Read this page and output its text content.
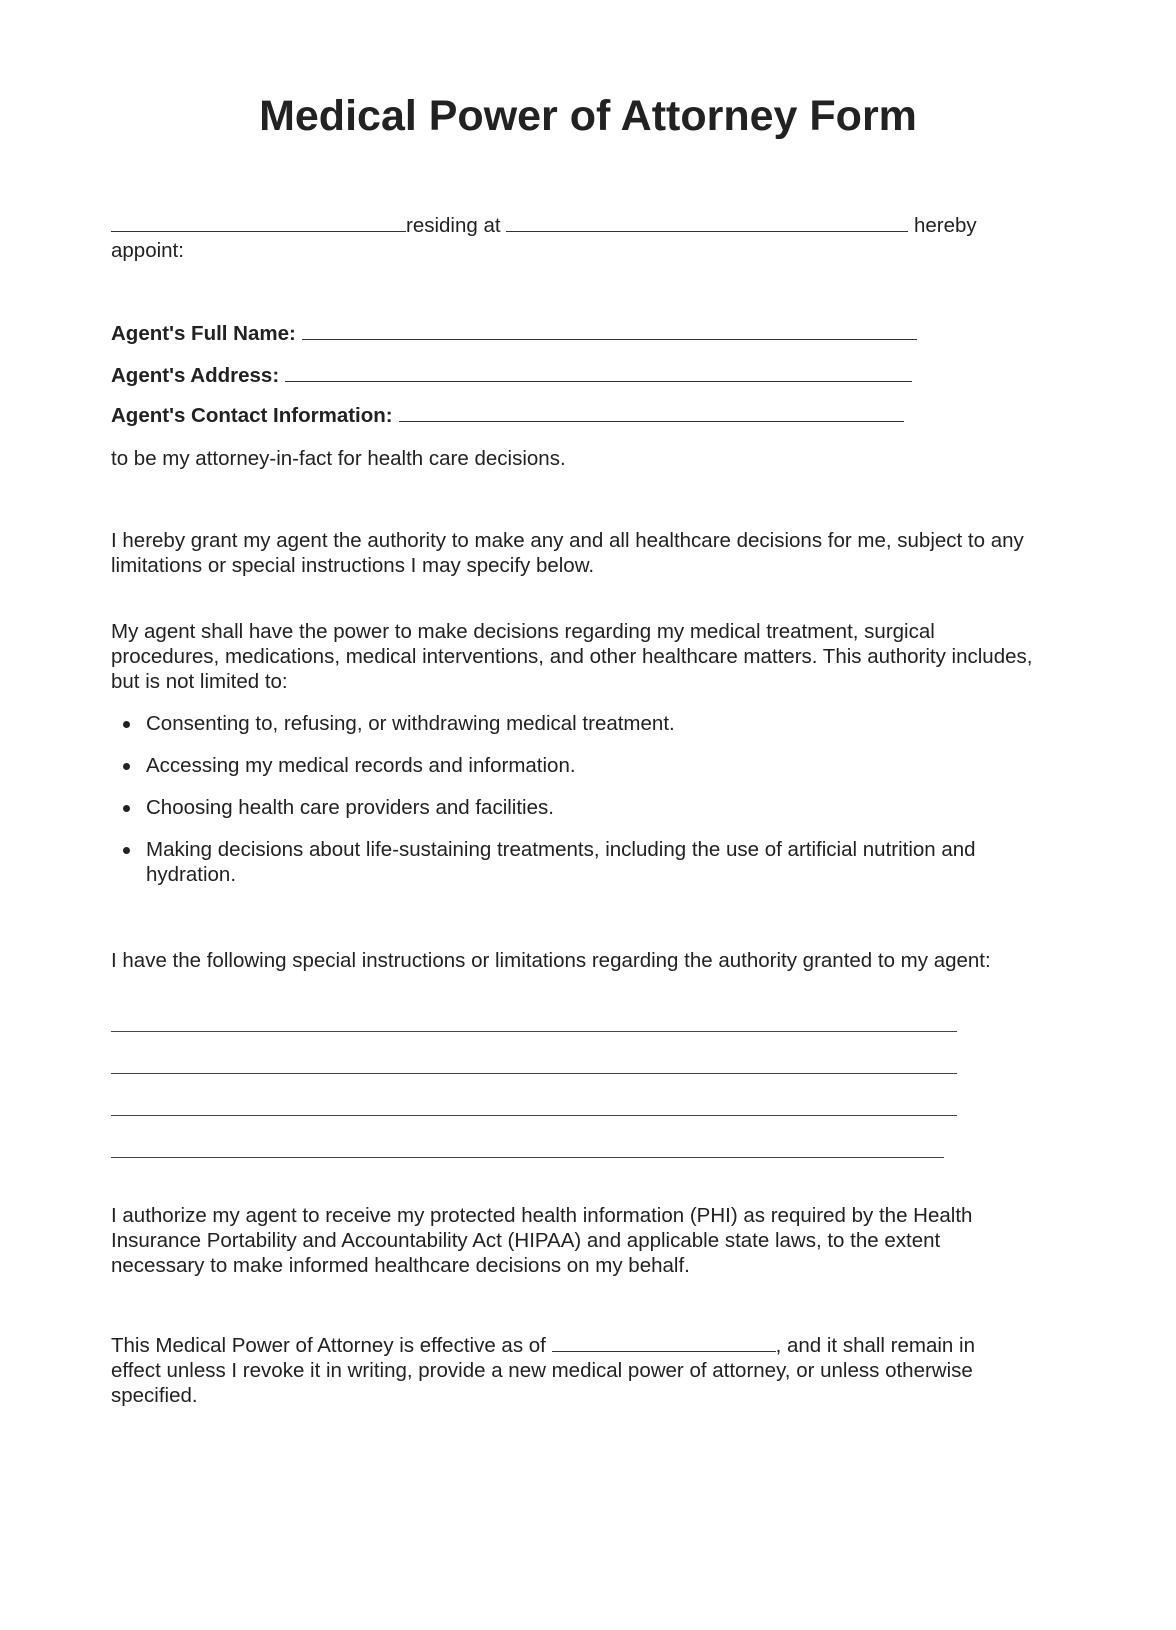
Medical Power of Attorney Form
residing at	hereby
appoint:
Agent's Full Name:
Agent's Address:
Agent's Contact Information:
to be my attorney-in-fact for health care decisions.
I hereby grant my agent the authority to make any and all healthcare decisions for me, subject to any limitations or special instructions I may specify below.
My agent shall have the power to make decisions regarding my medical treatment, surgical procedures, medications, medical interventions, and other healthcare matters. This authority includes, but is not limited to:
Consenting to, refusing, or withdrawing medical treatment.
Accessing my medical records and information.
Choosing health care providers and facilities.
Making decisions about life-sustaining treatments, including the use of artificial nutrition and hydration.
I have the following special instructions or limitations regarding the authority granted to my agent:
I authorize my agent to receive my protected health information (PHI) as required by the Health Insurance Portability and Accountability Act (HIPAA) and applicable state laws, to the extent necessary to make informed healthcare decisions on my behalf.
This Medical Power of Attorney is effective as of	, and it shall remain in effect unless I revoke it in writing, provide a new medical power of attorney, or unless otherwise specified.
